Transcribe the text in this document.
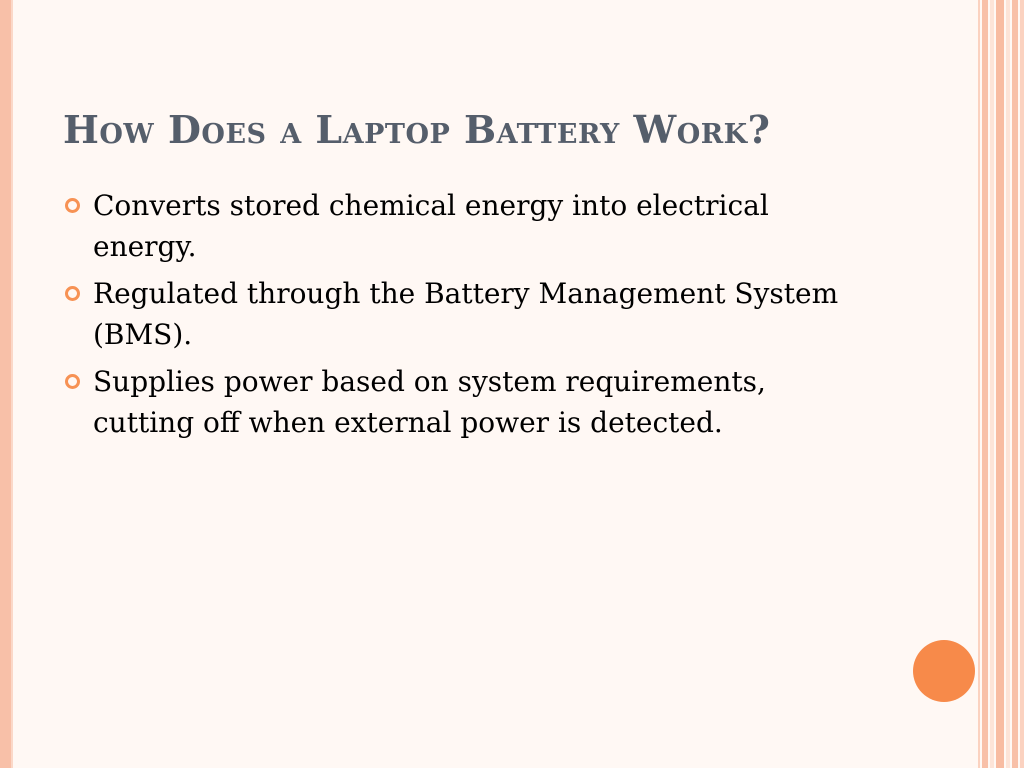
How Does a Laptop Battery Work?
Converts stored chemical energy into electrical energy.
Regulated through the Battery Management System (BMS).
Supplies power based on system requirements, cutting off when external power is detected.
